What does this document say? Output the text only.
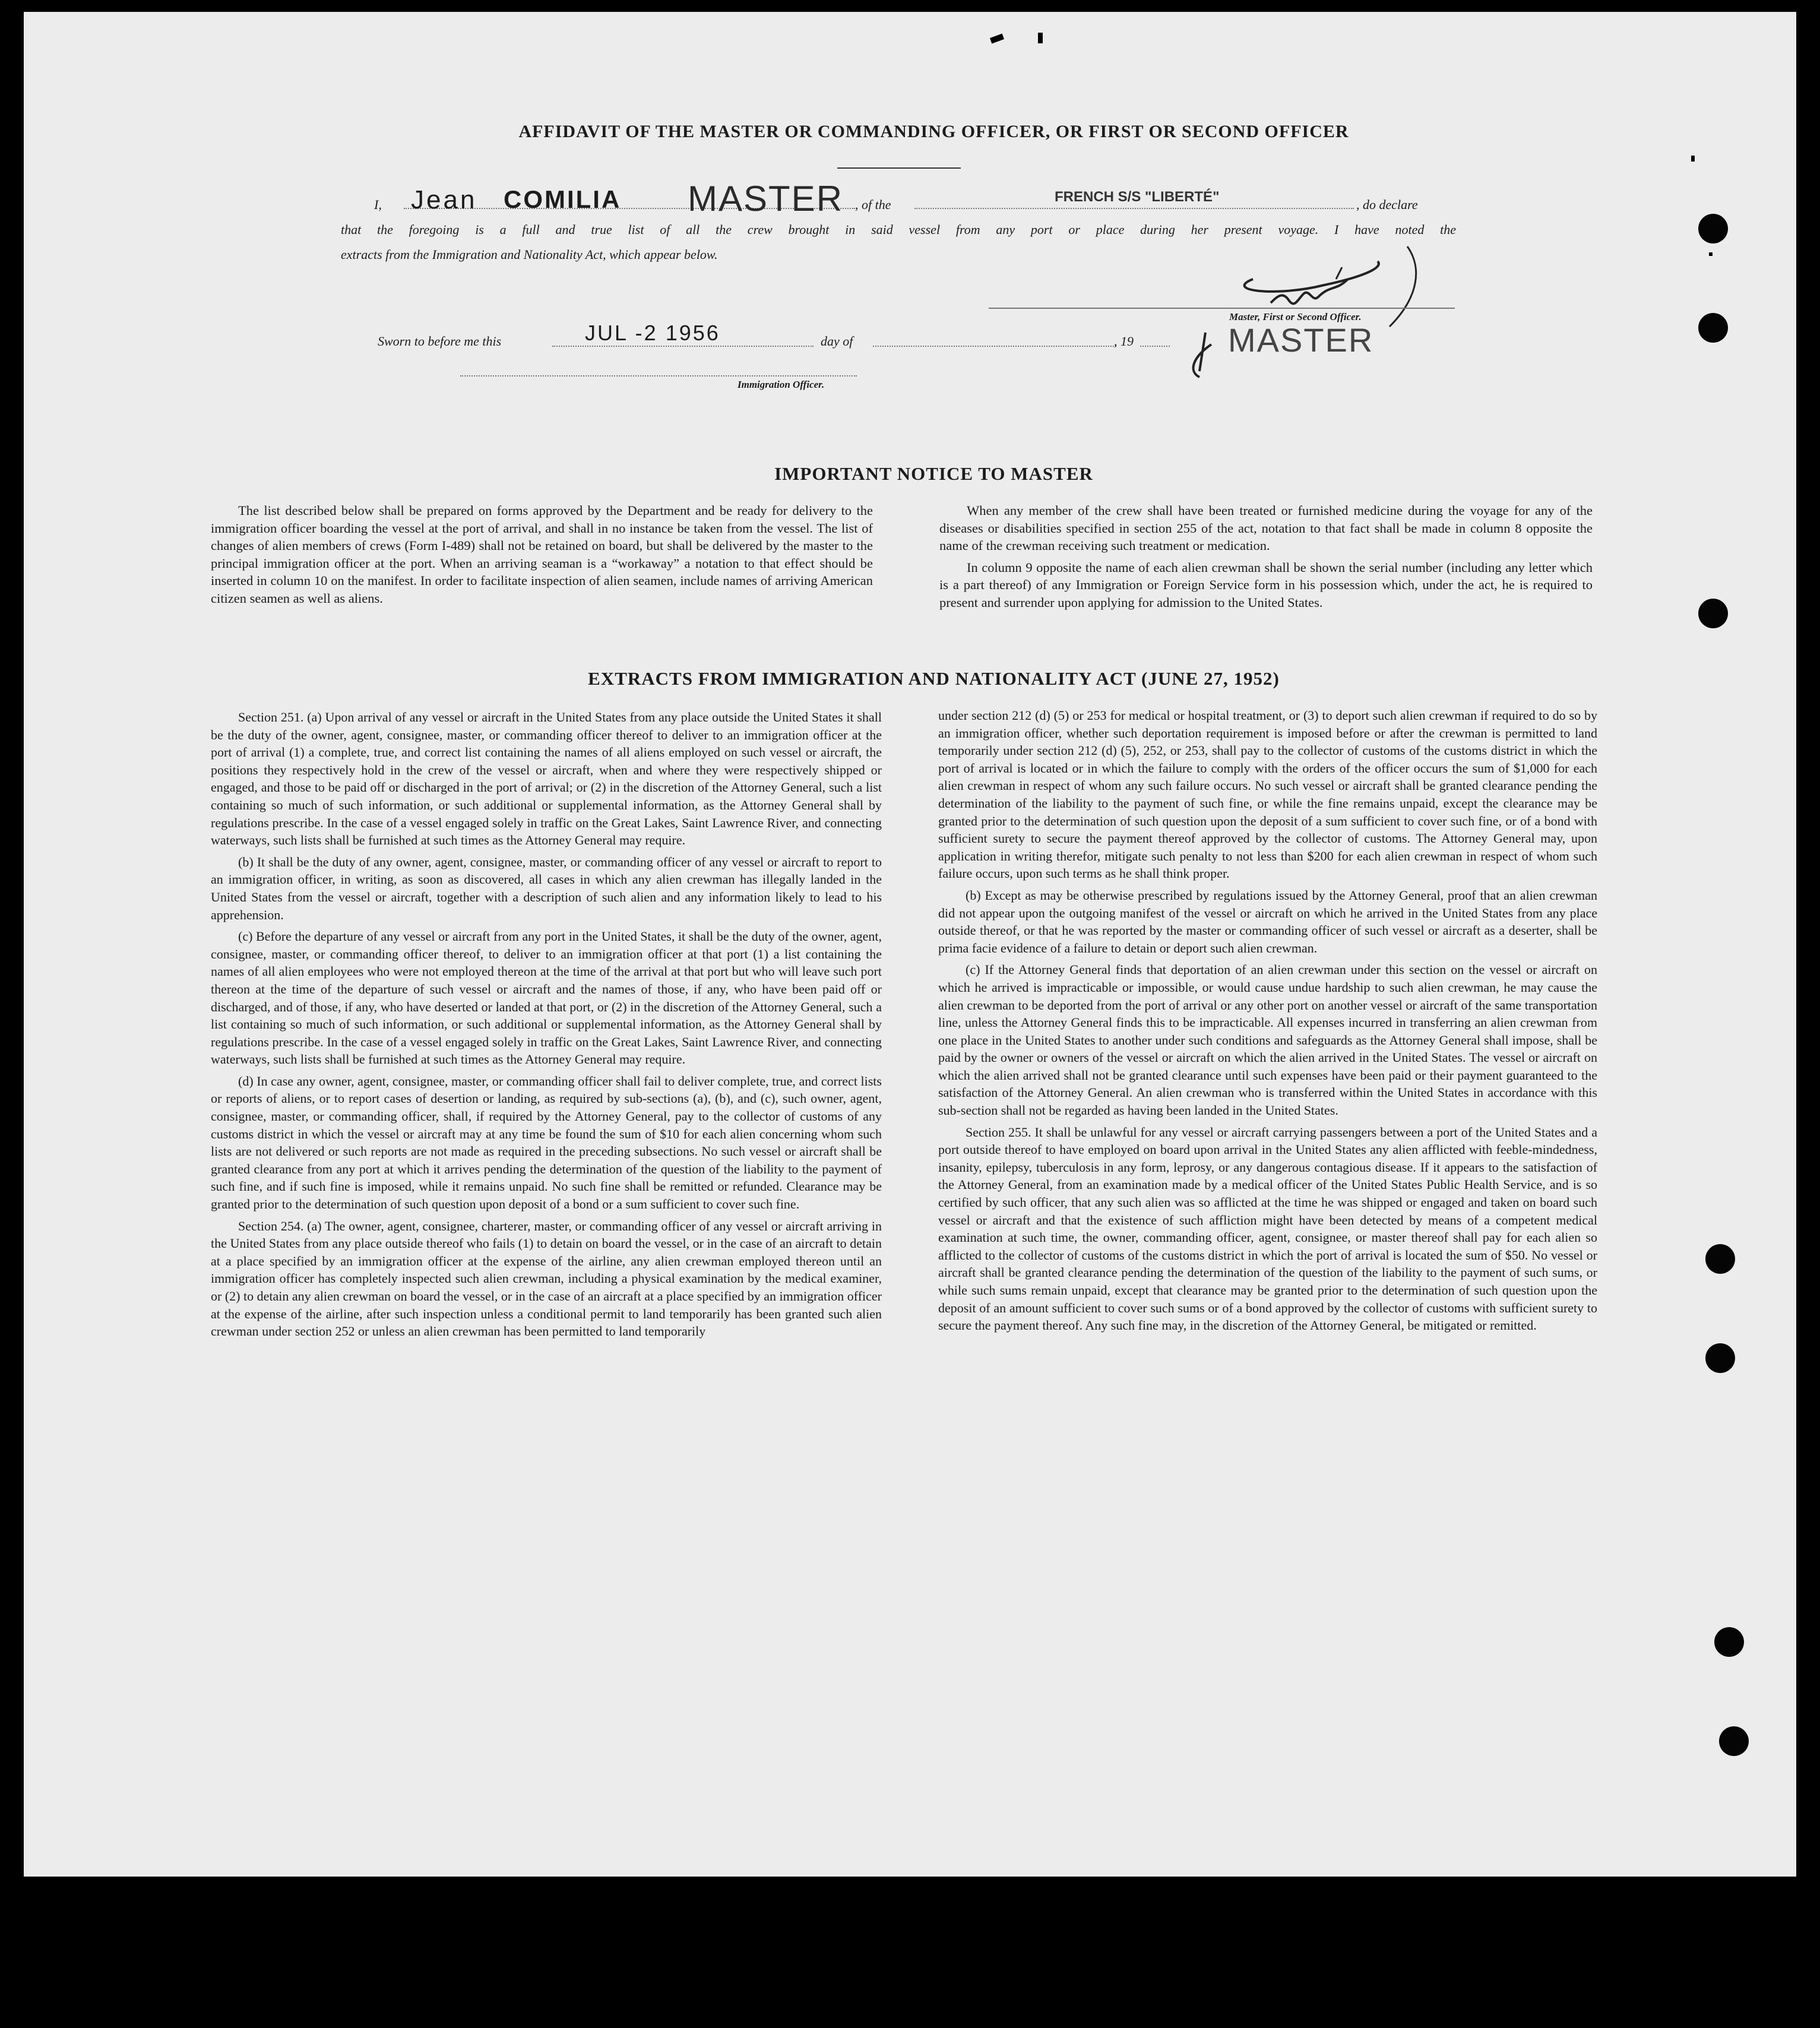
AFFIDAVIT OF THE MASTER OR COMMANDING OFFICER, OR FIRST OR SECOND OFFICER
I, Jean COMILIA MASTER , of the	FRENCH S/S "LIBERTÉ"	, do declare
that the foregoing is a full and true list of all the crew brought in said vessel from any port or place during her present voyage. I have noted the
extracts from the Immigration and Nationality Act, which appear below.
Master, First or Second Officer.
MASTER
Sworn to before me this	JUL -2 1956	day of	, 19
Immigration Officer.
IMPORTANT NOTICE TO MASTER

The list described below shall be prepared on forms approved by the Department and be ready for delivery to the immigration officer boarding the vessel at the port of arrival, and shall in no instance be taken from the vessel. The list of changes of alien members of crews (Form I-489) shall not be retained on board, but shall be delivered by the master to the principal immigration officer at the port. When an arriving seaman is a “workaway” a notation to that effect should be inserted in column 10 on the manifest. In order to facilitate inspection of alien seamen, include names of arriving American citizen seamen as well as aliens.

When any member of the crew shall have been treated or furnished medicine during the voyage for any of the diseases or disabilities specified in section 255 of the act, notation to that fact shall be made in column 8 opposite the name of the crewman receiving such treatment or medication.

In column 9 opposite the name of each alien crewman shall be shown the serial number (including any letter which is a part thereof) of any Immigration or Foreign Service form in his possession which, under the act, he is required to present and surrender upon applying for admission to the United States.

EXTRACTS FROM IMMIGRATION AND NATIONALITY ACT (JUNE 27, 1952)

Section 251. (a) Upon arrival of any vessel or aircraft in the United States from any place outside the United States it shall be the duty of the owner, agent, consignee, master, or commanding officer thereof to deliver to an immigration officer at the port of arrival (1) a complete, true, and correct list containing the names of all aliens employed on such vessel or aircraft, the positions they respectively hold in the crew of the vessel or aircraft, when and where they were respectively shipped or engaged, and those to be paid off or discharged in the port of arrival; or (2) in the discretion of the Attorney General, such a list containing so much of such information, or such additional or supplemental information, as the Attorney General shall by regulations prescribe. In the case of a vessel engaged solely in traffic on the Great Lakes, Saint Lawrence River, and connecting waterways, such lists shall be furnished at such times as the Attorney General may require.

(b) It shall be the duty of any owner, agent, consignee, master, or commanding officer of any vessel or aircraft to report to an immigration officer, in writing, as soon as discovered, all cases in which any alien crewman has illegally landed in the United States from the vessel or aircraft, together with a description of such alien and any information likely to lead to his apprehension.

(c) Before the departure of any vessel or aircraft from any port in the United States, it shall be the duty of the owner, agent, consignee, master, or commanding officer thereof, to deliver to an immigration officer at that port (1) a list containing the names of all alien employees who were not employed thereon at the time of the arrival at that port but who will leave such port thereon at the time of the departure of such vessel or aircraft and the names of those, if any, who have been paid off or discharged, and of those, if any, who have deserted or landed at that port, or (2) in the discretion of the Attorney General, such a list containing so much of such information, or such additional or supplemental information, as the Attorney General shall by regulations prescribe. In the case of a vessel engaged solely in traffic on the Great Lakes, Saint Lawrence River, and connecting waterways, such lists shall be furnished at such times as the Attorney General may require.

(d) In case any owner, agent, consignee, master, or commanding officer shall fail to deliver complete, true, and correct lists or reports of aliens, or to report cases of desertion or landing, as required by sub-sections (a), (b), and (c), such owner, agent, consignee, master, or commanding officer, shall, if required by the Attorney General, pay to the collector of customs of any customs district in which the vessel or aircraft may at any time be found the sum of $10 for each alien concerning whom such lists are not delivered or such reports are not made as required in the preceding subsections. No such vessel or aircraft shall be granted clearance from any port at which it arrives pending the determination of the question of the liability to the payment of such fine, and if such fine is imposed, while it remains unpaid. No such fine shall be remitted or refunded. Clearance may be granted prior to the determination of such question upon deposit of a bond or a sum sufficient to cover such fine.

Section 254. (a) The owner, agent, consignee, charterer, master, or commanding officer of any vessel or aircraft arriving in the United States from any place outside thereof who fails (1) to detain on board the vessel, or in the case of an aircraft to detain at a place specified by an immigration officer at the expense of the airline, any alien crewman employed thereon until an immigration officer has completely inspected such alien crewman, including a physical examination by the medical examiner, or (2) to detain any alien crewman on board the vessel, or in the case of an aircraft at a place specified by an immigration officer at the expense of the airline, after such inspection unless a conditional permit to land temporarily has been granted such alien crewman under section 252 or unless an alien crewman has been permitted to land temporarily

under section 212 (d) (5) or 253 for medical or hospital treatment, or (3) to deport such alien crewman if required to do so by an immigration officer, whether such deportation requirement is imposed before or after the crewman is permitted to land temporarily under section 212 (d) (5), 252, or 253, shall pay to the collector of customs of the customs district in which the port of arrival is located or in which the failure to comply with the orders of the officer occurs the sum of $1,000 for each alien crewman in respect of whom any such failure occurs. No such vessel or aircraft shall be granted clearance pending the determination of the liability to the payment of such fine, or while the fine remains unpaid, except the clearance may be granted prior to the determination of such question upon the deposit of a sum sufficient to cover such fine, or of a bond with sufficient surety to secure the payment thereof approved by the collector of customs. The Attorney General may, upon application in writing therefor, mitigate such penalty to not less than $200 for each alien crewman in respect of whom such failure occurs, upon such terms as he shall think proper.

(b) Except as may be otherwise prescribed by regulations issued by the Attorney General, proof that an alien crewman did not appear upon the outgoing manifest of the vessel or aircraft on which he arrived in the United States from any place outside thereof, or that he was reported by the master or commanding officer of such vessel or aircraft as a deserter, shall be prima facie evidence of a failure to detain or deport such alien crewman.

(c) If the Attorney General finds that deportation of an alien crewman under this section on the vessel or aircraft on which he arrived is impracticable or impossible, or would cause undue hardship to such alien crewman, he may cause the alien crewman to be deported from the port of arrival or any other port on another vessel or aircraft of the same transportation line, unless the Attorney General finds this to be impracticable. All expenses incurred in transferring an alien crewman from one place in the United States to another under such conditions and safeguards as the Attorney General shall impose, shall be paid by the owner or owners of the vessel or aircraft on which the alien arrived in the United States. The vessel or aircraft on which the alien arrived shall not be granted clearance until such expenses have been paid or their payment guaranteed to the satisfaction of the Attorney General. An alien crewman who is transferred within the United States in accordance with this sub-section shall not be regarded as having been landed in the United States.

Section 255. It shall be unlawful for any vessel or aircraft carrying passengers between a port of the United States and a port outside thereof to have employed on board upon arrival in the United States any alien afflicted with feeble-mindedness, insanity, epilepsy, tuberculosis in any form, leprosy, or any dangerous contagious disease. If it appears to the satisfaction of the Attorney General, from an examination made by a medical officer of the United States Public Health Service, and is so certified by such officer, that any such alien was so afflicted at the time he was shipped or engaged and taken on board such vessel or aircraft and that the existence of such affliction might have been detected by means of a competent medical examination at such time, the owner, commanding officer, agent, consignee, or master thereof shall pay for each alien so afflicted to the collector of customs of the customs district in which the port of arrival is located the sum of $50. No vessel or aircraft shall be granted clearance pending the determination of the question of the liability to the payment of such sums, or while such sums remain unpaid, except that clearance may be granted prior to the determination of such question upon the deposit of an amount sufficient to cover such sums or of a bond approved by the collector of customs with sufficient surety to secure the payment thereof. Any such fine may, in the discretion of the Attorney General, be mitigated or remitted.
